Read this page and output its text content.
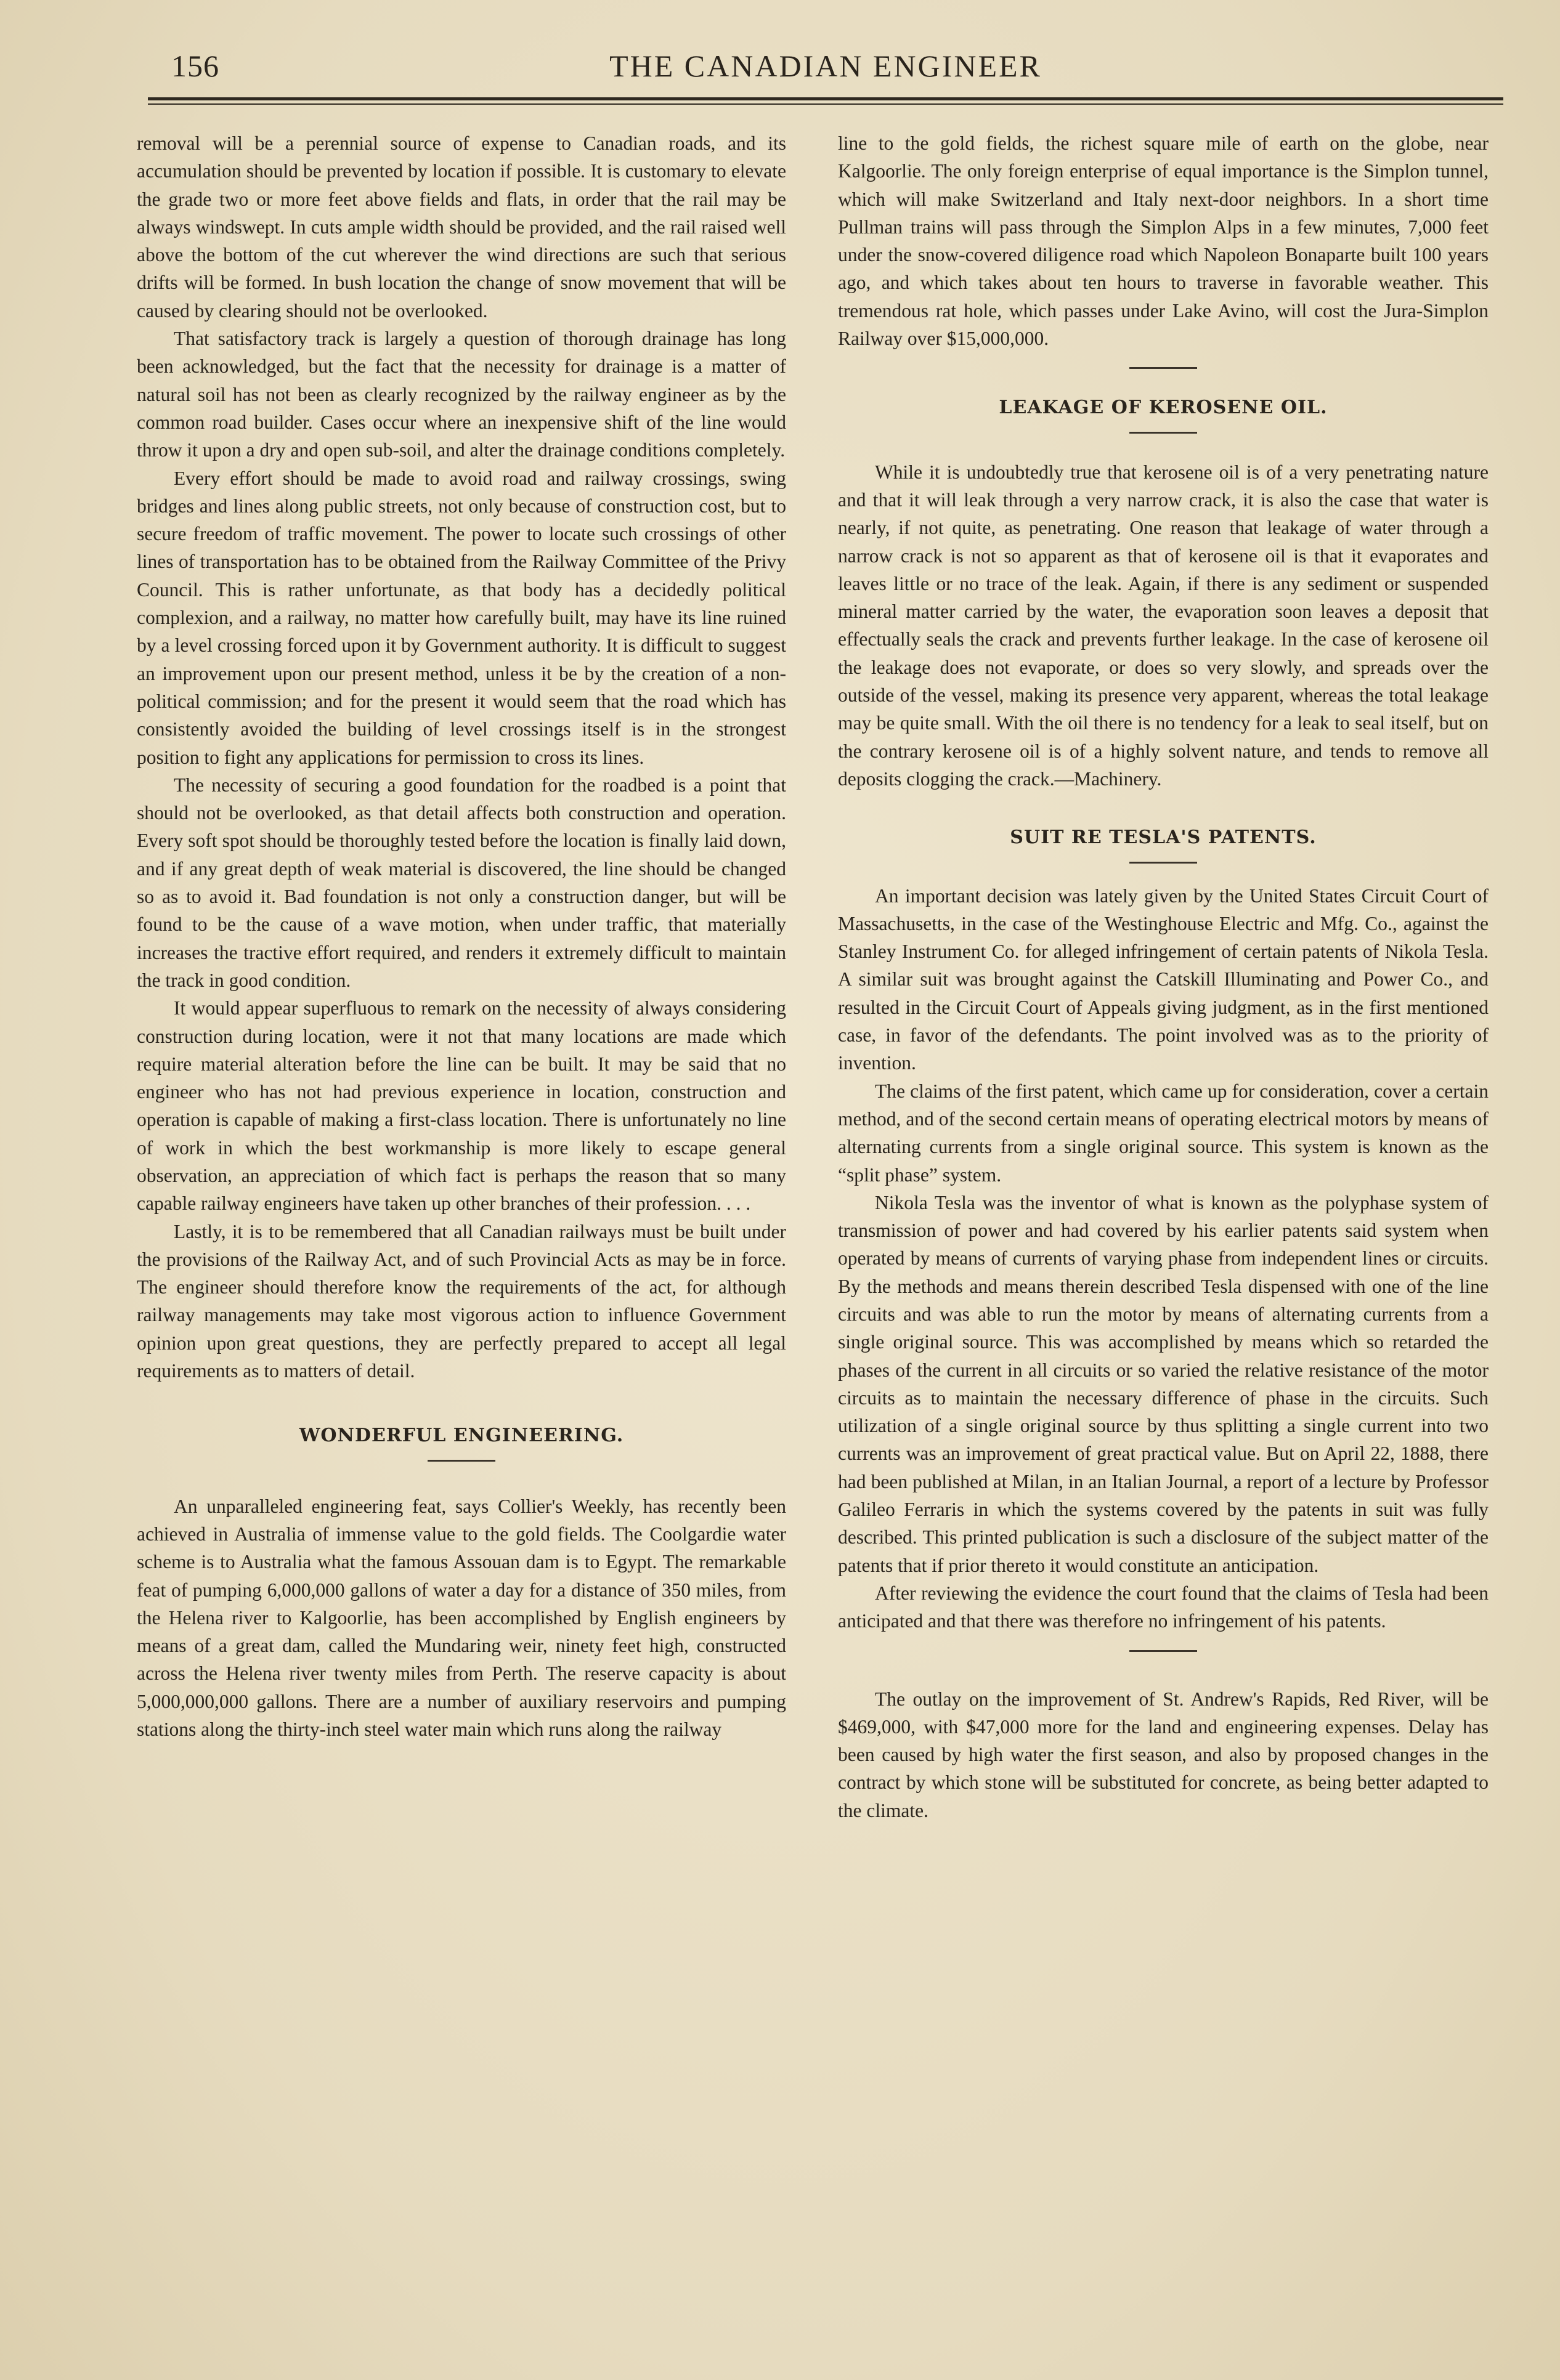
156	THE CANADIAN ENGINEER

removal will be a perennial source of expense to Canadian roads, and its accumulation should be prevented by location if possible. It is customary to elevate the grade two or more feet above fields and flats, in order that the rail may be always windswept. In cuts ample width should be provided, and the rail raised well above the bottom of the cut wherever the wind directions are such that serious drifts will be formed. In bush location the change of snow movement that will be caused by clearing should not be overlooked.

That satisfactory track is largely a question of thorough drainage has long been acknowledged, but the fact that the necessity for drainage is a matter of natural soil has not been as clearly recognized by the railway engineer as by the common road builder. Cases occur where an inexpensive shift of the line would throw it upon a dry and open sub-soil, and alter the drainage conditions completely.

Every effort should be made to avoid road and railway crossings, swing bridges and lines along public streets, not only because of construction cost, but to secure freedom of traffic movement. The power to locate such crossings of other lines of transportation has to be obtained from the Railway Committee of the Privy Council. This is rather unfortunate, as that body has a decidedly political complexion, and a railway, no matter how carefully built, may have its line ruined by a level crossing forced upon it by Government authority. It is difficult to suggest an improvement upon our present method, unless it be by the creation of a non-political commission; and for the present it would seem that the road which has consistently avoided the building of level crossings itself is in the strongest position to fight any applications for permission to cross its lines.

The necessity of securing a good foundation for the roadbed is a point that should not be overlooked, as that detail affects both construction and operation. Every soft spot should be thoroughly tested before the location is finally laid down, and if any great depth of weak material is discovered, the line should be changed so as to avoid it. Bad foundation is not only a construction danger, but will be found to be the cause of a wave motion, when under traffic, that materially increases the tractive effort required, and renders it extremely difficult to maintain the track in good condition.

It would appear superfluous to remark on the necessity of always considering construction during location, were it not that many locations are made which require material alteration before the line can be built. It may be said that no engineer who has not had previous experience in location, construction and operation is capable of making a first-class location. There is unfortunately no line of work in which the best workmanship is more likely to escape general observation, an appreciation of which fact is perhaps the reason that so many capable railway engineers have taken up other branches of their profession. . . .

Lastly, it is to be remembered that all Canadian railways must be built under the provisions of the Railway Act, and of such Provincial Acts as may be in force. The engineer should therefore know the requirements of the act, for although railway managements may take most vigorous action to influence Government opinion upon great questions, they are perfectly prepared to accept all legal requirements as to matters of detail.

WONDERFUL ENGINEERING.

An unparalleled engineering feat, says Collier's Weekly, has recently been achieved in Australia of immense value to the gold fields. The Coolgardie water scheme is to Australia what the famous Assouan dam is to Egypt. The remarkable feat of pumping 6,000,000 gallons of water a day for a distance of 350 miles, from the Helena river to Kalgoorlie, has been accomplished by English engineers by means of a great dam, called the Mundaring weir, ninety feet high, constructed across the Helena river twenty miles from Perth. The reserve capacity is about 5,000,000,000 gallons. There are a number of auxiliary reservoirs and pumping stations along the thirty-inch steel water main which runs along the railway

line to the gold fields, the richest square mile of earth on the globe, near Kalgoorlie. The only foreign enterprise of equal importance is the Simplon tunnel, which will make Switzerland and Italy next-door neighbors. In a short time Pullman trains will pass through the Simplon Alps in a few minutes, 7,000 feet under the snow-covered diligence road which Napoleon Bonaparte built 100 years ago, and which takes about ten hours to traverse in favorable weather. This tremendous rat hole, which passes under Lake Avino, will cost the Jura-Simplon Railway over $15,000,000.

LEAKAGE OF KEROSENE OIL.

While it is undoubtedly true that kerosene oil is of a very penetrating nature and that it will leak through a very narrow crack, it is also the case that water is nearly, if not quite, as penetrating. One reason that leakage of water through a narrow crack is not so apparent as that of kerosene oil is that it evaporates and leaves little or no trace of the leak. Again, if there is any sediment or suspended mineral matter carried by the water, the evaporation soon leaves a deposit that effectually seals the crack and prevents further leakage. In the case of kerosene oil the leakage does not evaporate, or does so very slowly, and spreads over the outside of the vessel, making its presence very apparent, whereas the total leakage may be quite small. With the oil there is no tendency for a leak to seal itself, but on the contrary kerosene oil is of a highly solvent nature, and tends to remove all deposits clogging the crack.—Machinery.

SUIT RE TESLA'S PATENTS.

An important decision was lately given by the United States Circuit Court of Massachusetts, in the case of the Westinghouse Electric and Mfg. Co., against the Stanley Instrument Co. for alleged infringement of certain patents of Nikola Tesla. A similar suit was brought against the Catskill Illuminating and Power Co., and resulted in the Circuit Court of Appeals giving judgment, as in the first mentioned case, in favor of the defendants. The point involved was as to the priority of invention.

The claims of the first patent, which came up for consideration, cover a certain method, and of the second certain means of operating electrical motors by means of alternating currents from a single original source. This system is known as the “split phase” system.

Nikola Tesla was the inventor of what is known as the polyphase system of transmission of power and had covered by his earlier patents said system when operated by means of currents of varying phase from independent lines or circuits. By the methods and means therein described Tesla dispensed with one of the line circuits and was able to run the motor by means of alternating currents from a single original source. This was accomplished by means which so retarded the phases of the current in all circuits or so varied the relative resistance of the motor circuits as to maintain the necessary difference of phase in the circuits. Such utilization of a single original source by thus splitting a single current into two currents was an improvement of great practical value. But on April 22, 1888, there had been published at Milan, in an Italian Journal, a report of a lecture by Professor Galileo Ferraris in which the systems covered by the patents in suit was fully described. This printed publication is such a disclosure of the subject matter of the patents that if prior thereto it would constitute an anticipation.

After reviewing the evidence the court found that the claims of Tesla had been anticipated and that there was therefore no infringement of his patents.

The outlay on the improvement of St. Andrew's Rapids, Red River, will be $469,000, with $47,000 more for the land and engineering expenses. Delay has been caused by high water the first season, and also by proposed changes in the contract by which stone will be substituted for concrete, as being better adapted to the climate.
